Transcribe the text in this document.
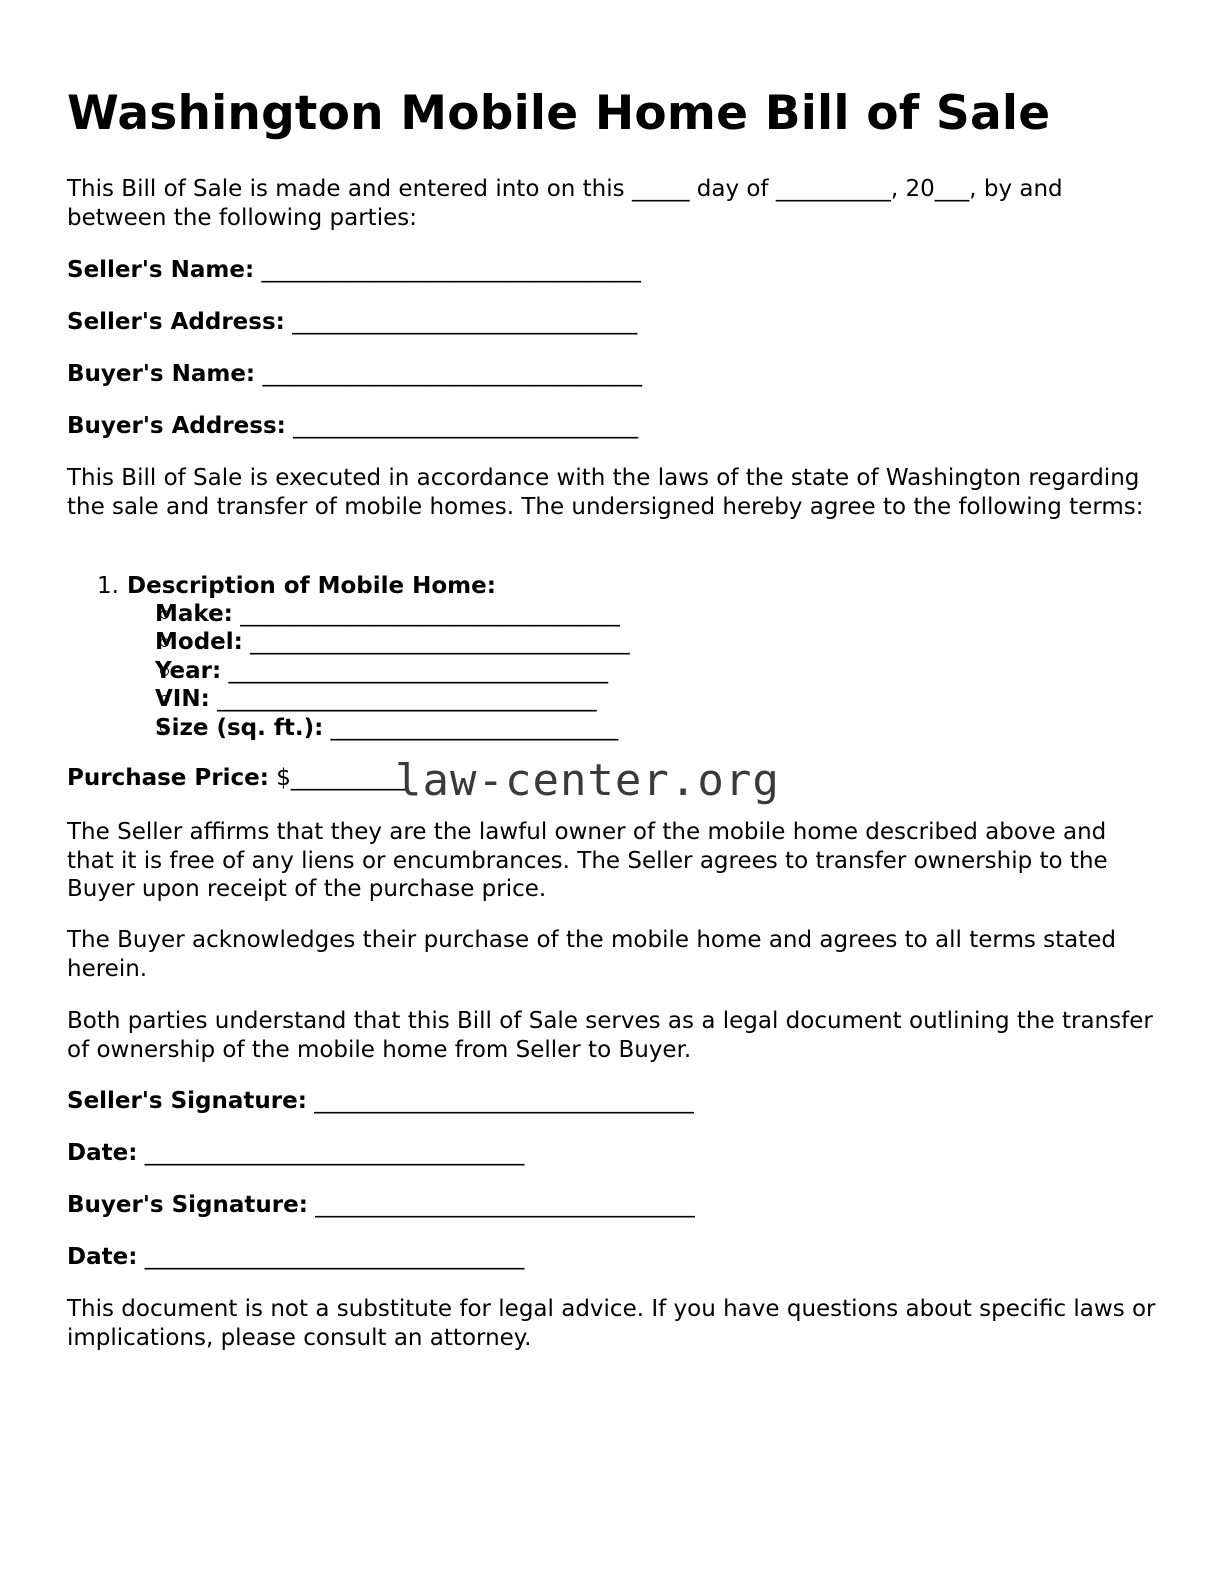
Washington Mobile Home Bill of Sale

This Bill of Sale is made and entered into on this _____ day of __________, 20___, by and between the following parties:

Seller's Name: _________________________________
Seller's Address: ______________________________
Buyer's Name: _________________________________
Buyer's Address: ______________________________

This Bill of Sale is executed in accordance with the laws of the state of Washington regarding the sale and transfer of mobile homes. The undersigned hereby agree to the following terms:

1. Description of Mobile Home:
Make: _________________________________
Model: _________________________________
Year: _________________________________
VIN: _________________________________
Size (sq. ft.): _________________________
Purchase Price: $__________

The Seller affirms that they are the lawful owner of the mobile home described above and that it is free of any liens or encumbrances. The Seller agrees to transfer ownership to the Buyer upon receipt of the purchase price.

The Buyer acknowledges their purchase of the mobile home and agrees to all terms stated herein.

Both parties understand that this Bill of Sale serves as a legal document outlining the transfer of ownership of the mobile home from Seller to Buyer.

Seller's Signature: _________________________________
Date: _________________________________
Buyer's Signature: _________________________________
Date: _________________________________

This document is not a substitute for legal advice. If you have questions about specific laws or implications, please consult an attorney.

law-center.org
